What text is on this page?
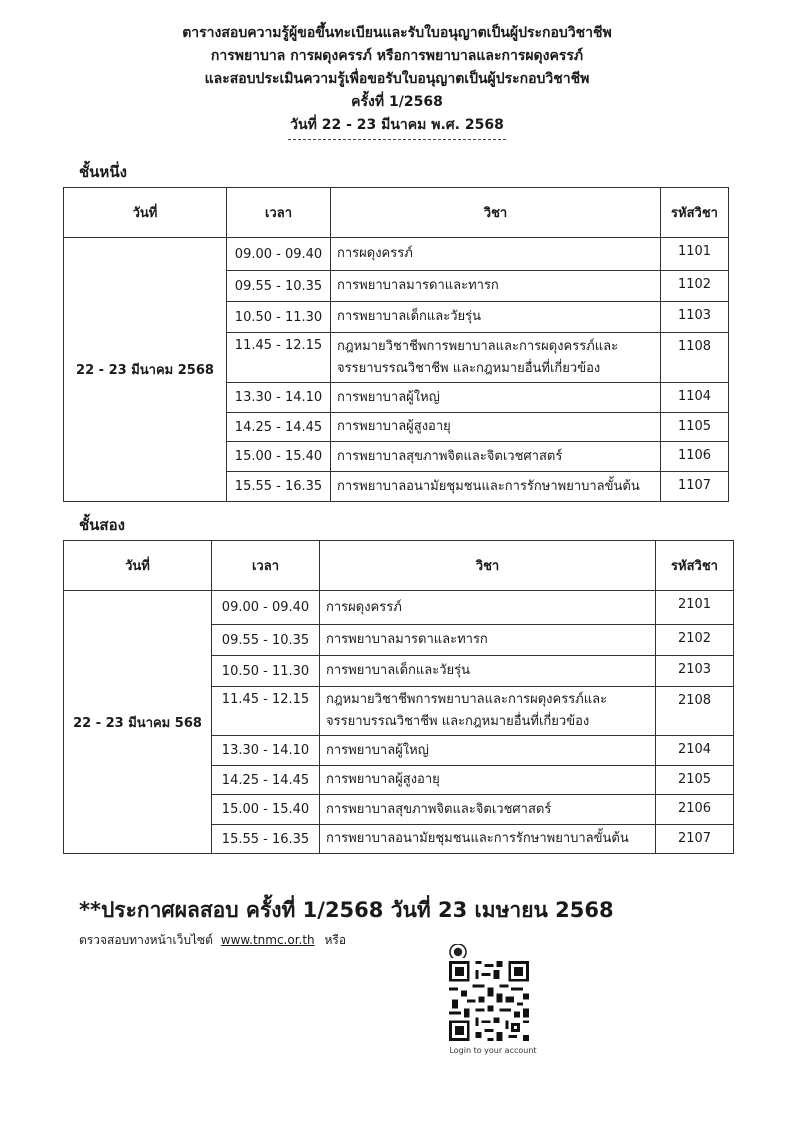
ตารางสอบความรู้ผู้ขอขึ้นทะเบียนและรับใบอนุญาตเป็นผู้ประกอบวิชาชีพ
การพยาบาล การผดุงครรภ์ หรือการพยาบาลและการผดุงครรภ์
และสอบประเมินความรู้เพื่อขอรับใบอนุญาตเป็นผู้ประกอบวิชาชีพ
ครั้งที่ 1/2568
วันที่ 22 - 23 มีนาคม พ.ศ. 2568
ชั้นหนึ่ง
วันที่	เวลา	วิชา	รหัสวิชา
22 - 23 มีนาคม 2568	09.00 - 09.40	การผดุงครรภ์	1101
	09.55 - 10.35	การพยาบาลมารดาและทารก	1102
	10.50 - 11.30	การพยาบาลเด็กและวัยรุ่น	1103
	11.45 - 12.15	กฎหมายวิชาชีพการพยาบาลและการผดุงครรภ์และ
จรรยาบรรณวิชาชีพ และกฎหมายอื่นที่เกี่ยวข้อง	1108
	13.30 - 14.10	การพยาบาลผู้ใหญ่	1104
	14.25 - 14.45	การพยาบาลผู้สูงอายุ	1105
	15.00 - 15.40	การพยาบาลสุขภาพจิตและจิตเวชศาสตร์	1106
	15.55 - 16.35	การพยาบาลอนามัยชุมชนและการรักษาพยาบาลขั้นต้น	1107
ชั้นสอง
วันที่	เวลา	วิชา	รหัสวิชา
22 - 23 มีนาคม 568	09.00 - 09.40	การผดุงครรภ์	2101
	09.55 - 10.35	การพยาบาลมารดาและทารก	2102
	10.50 - 11.30	การพยาบาลเด็กและวัยรุ่น	2103
	11.45 - 12.15	กฎหมายวิชาชีพการพยาบาลและการผดุงครรภ์และ
จรรยาบรรณวิชาชีพ และกฎหมายอื่นที่เกี่ยวข้อง	2108
	13.30 - 14.10	การพยาบาลผู้ใหญ่	2104
	14.25 - 14.45	การพยาบาลผู้สูงอายุ	2105
	15.00 - 15.40	การพยาบาลสุขภาพจิตและจิตเวชศาสตร์	2106
	15.55 - 16.35	การพยาบาลอนามัยชุมชนและการรักษาพยาบาลขั้นต้น	2107
**ประกาศผลสอบ ครั้งที่ 1/2568 วันที่ 23 เมษายน 2568
ตรวจสอบทางหน้าเว็บไซต์ www.tnmc.or.th หรือ
Login to your account
